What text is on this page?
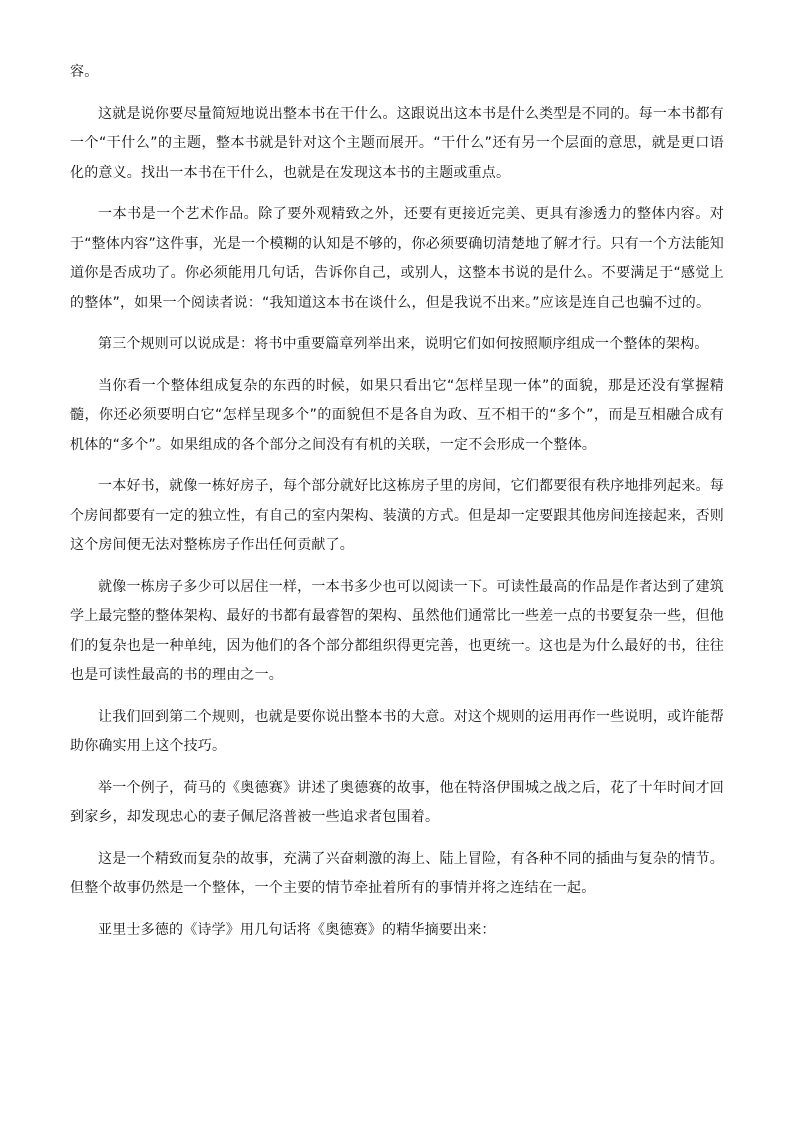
容。

这就是说你要尽量简短地说出整本书在干什么。这跟说出这本书是什么类型是不同的。每一本书都有一个“干什么”的主题，整本书就是针对这个主题而展开。“干什么”还有另一个层面的意思，就是更口语化的意义。找出一本书在干什么，也就是在发现这本书的主题或重点。

一本书是一个艺术作品。除了要外观精致之外，还要有更接近完美、更具有渗透力的整体内容。对于“整体内容”这件事，光是一个模糊的认知是不够的，你必须要确切清楚地了解才行。只有一个方法能知道你是否成功了。你必须能用几句话，告诉你自己，或别人，这整本书说的是什么。不要满足于“感觉上的整体”，如果一个阅读者说：“我知道这本书在谈什么，但是我说不出来。”应该是连自己也骗不过的。

第三个规则可以说成是：将书中重要篇章列举出来，说明它们如何按照顺序组成一个整体的架构。

当你看一个整体组成复杂的东西的时候，如果只看出它“怎样呈现一体”的面貌，那是还没有掌握精髓，你还必须要明白它“怎样呈现多个”的面貌但不是各自为政、互不相干的“多个”，而是互相融合成有机体的“多个”。如果组成的各个部分之间没有有机的关联，一定不会形成一个整体。

一本好书，就像一栋好房子，每个部分就好比这栋房子里的房间，它们都要很有秩序地排列起来。每个房间都要有一定的独立性，有自己的室内架构、装潢的方式。但是却一定要跟其他房间连接起来，否则这个房间便无法对整栋房子作出任何贡献了。

就像一栋房子多少可以居住一样，一本书多少也可以阅读一下。可读性最高的作品是作者达到了建筑学上最完整的整体架构、最好的书都有最睿智的架构、虽然他们通常比一些差一点的书要复杂一些，但他们的复杂也是一种单纯，因为他们的各个部分都组织得更完善，也更统一。这也是为什么最好的书，往往也是可读性最高的书的理由之一。

让我们回到第二个规则，也就是要你说出整本书的大意。对这个规则的运用再作一些说明，或许能帮助你确实用上这个技巧。

举一个例子，荷马的《奥德赛》讲述了奥德赛的故事，他在特洛伊围城之战之后，花了十年时间才回到家乡，却发现忠心的妻子佩尼洛普被一些追求者包围着。

这是一个精致而复杂的故事，充满了兴奋刺激的海上、陆上冒险，有各种不同的插曲与复杂的情节。但整个故事仍然是一个整体，一个主要的情节牵扯着所有的事情并将之连结在一起。

亚里士多德的《诗学》用几句话将《奥德赛》的精华摘要出来：
